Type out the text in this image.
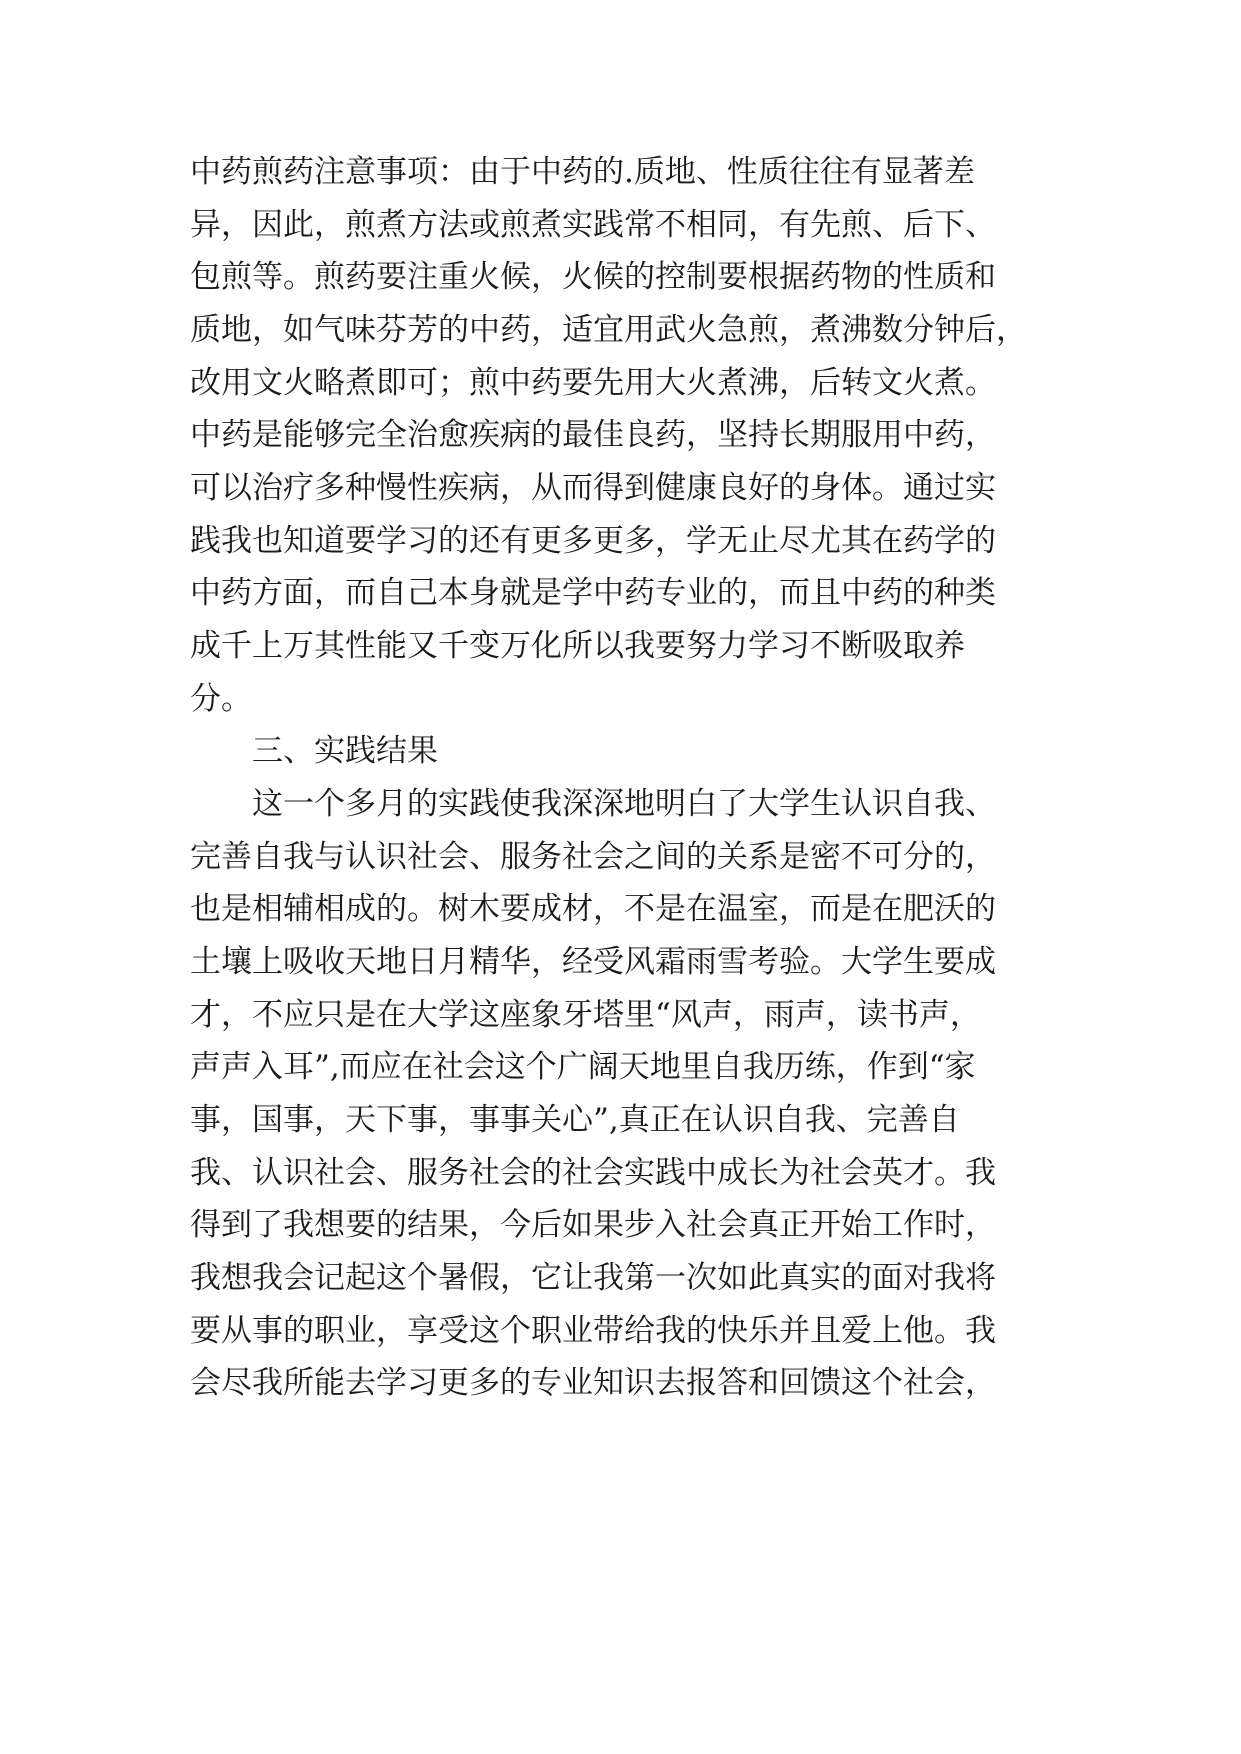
中药煎药注意事项：由于中药的.质地、性质往往有显著差
异，因此，煎煮方法或煎煮实践常不相同，有先煎、后下、
包煎等。煎药要注重火候，火候的控制要根据药物的性质和
质地，如气味芬芳的中药，适宜用武火急煎，煮沸数分钟后，
改用文火略煮即可；煎中药要先用大火煮沸，后转文火煮。
中药是能够完全治愈疾病的最佳良药，坚持长期服用中药，
可以治疗多种慢性疾病，从而得到健康良好的身体。通过实
践我也知道要学习的还有更多更多，学无止尽尤其在药学的
中药方面，而自己本身就是学中药专业的，而且中药的种类
成千上万其性能又千变万化所以我要努力学习不断吸取养
分。
三、实践结果
这一个多月的实践使我深深地明白了大学生认识自我、
完善自我与认识社会、服务社会之间的关系是密不可分的，
也是相辅相成的。树木要成材，不是在温室，而是在肥沃的
土壤上吸收天地日月精华，经受风霜雨雪考验。大学生要成
才，不应只是在大学这座象牙塔里“风声，雨声，读书声，
声声入耳”,而应在社会这个广阔天地里自我历练，作到“家
事，国事，天下事，事事关心”,真正在认识自我、完善自
我、认识社会、服务社会的社会实践中成长为社会英才。我
得到了我想要的结果，今后如果步入社会真正开始工作时，
我想我会记起这个暑假，它让我第一次如此真实的面对我将
要从事的职业，享受这个职业带给我的快乐并且爱上他。我
会尽我所能去学习更多的专业知识去报答和回馈这个社会，
